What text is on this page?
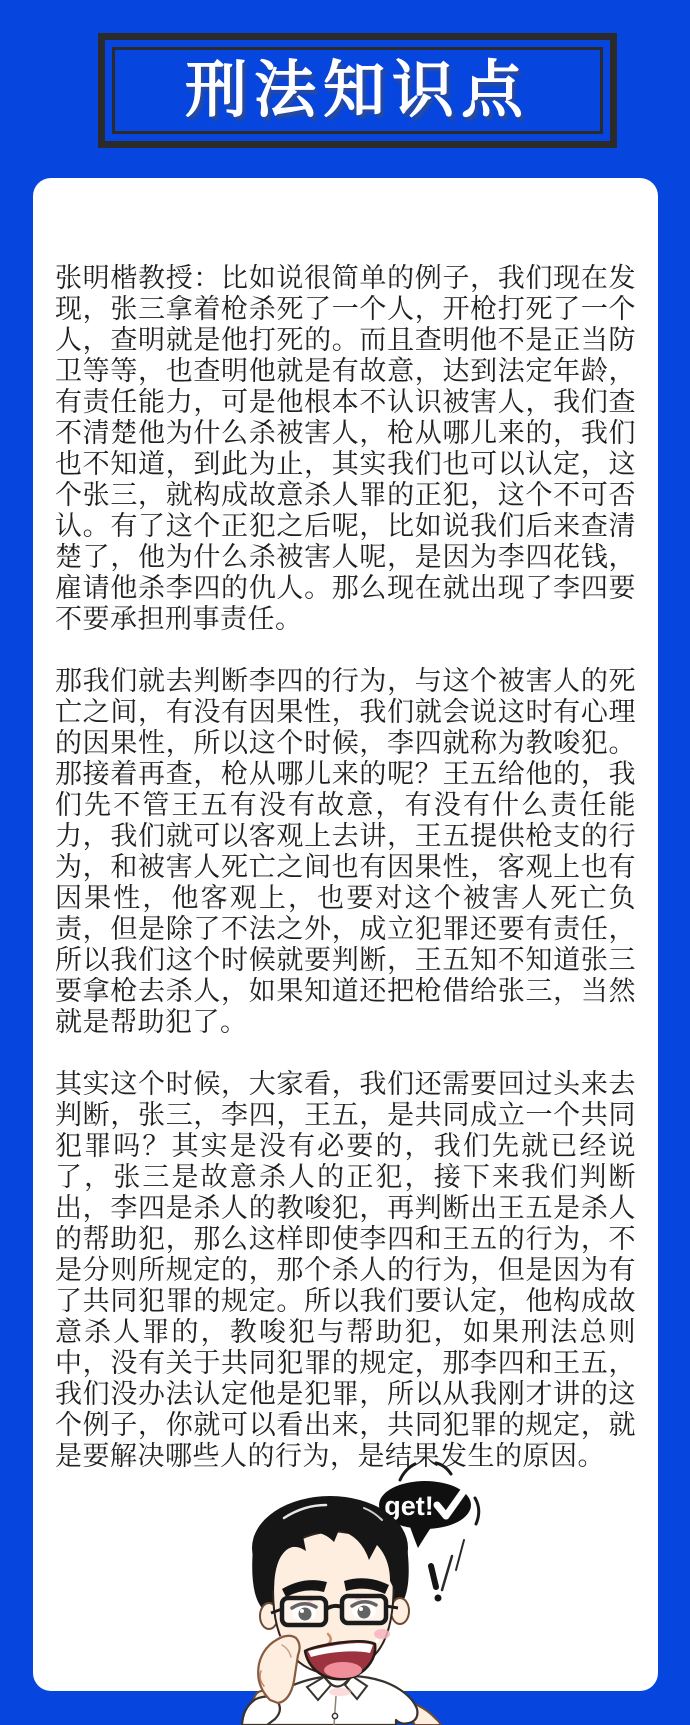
刑法知识点

张明楷教授：比如说很简单的例子，我们现在发现，张三拿着枪杀死了一个人，开枪打死了一个人，查明就是他打死的。而且查明他不是正当防卫等等，也查明他就是有故意，达到法定年龄，有责任能力，可是他根本不认识被害人，我们查不清楚他为什么杀被害人，枪从哪儿来的，我们也不知道，到此为止，其实我们也可以认定，这个张三，就构成故意杀人罪的正犯，这个不可否认。有了这个正犯之后呢，比如说我们后来查清楚了，他为什么杀被害人呢，是因为李四花钱，雇请他杀李四的仇人。那么现在就出现了李四要不要承担刑事责任。

那我们就去判断李四的行为，与这个被害人的死亡之间，有没有因果性，我们就会说这时有心理的因果性，所以这个时候，李四就称为教唆犯。那接着再查，枪从哪儿来的呢？王五给他的，我们先不管王五有没有故意，有没有什么责任能力，我们就可以客观上去讲，王五提供枪支的行为，和被害人死亡之间也有因果性，客观上也有因果性，他客观上，也要对这个被害人死亡负责，但是除了不法之外，成立犯罪还要有责任，所以我们这个时候就要判断，王五知不知道张三要拿枪去杀人，如果知道还把枪借给张三，当然就是帮助犯了。

其实这个时候，大家看，我们还需要回过头来去判断，张三，李四，王五，是共同成立一个共同犯罪吗？其实是没有必要的，我们先就已经说了，张三是故意杀人的正犯，接下来我们判断出，李四是杀人的教唆犯，再判断出王五是杀人的帮助犯，那么这样即使李四和王五的行为，不是分则所规定的，那个杀人的行为，但是因为有了共同犯罪的规定。所以我们要认定，他构成故意杀人罪的，教唆犯与帮助犯，如果刑法总则中，没有关于共同犯罪的规定，那李四和王五，我们没办法认定他是犯罪，所以从我刚才讲的这个例子，你就可以看出来，共同犯罪的规定，就是要解决哪些人的行为，是结果发生的原因。

get!
